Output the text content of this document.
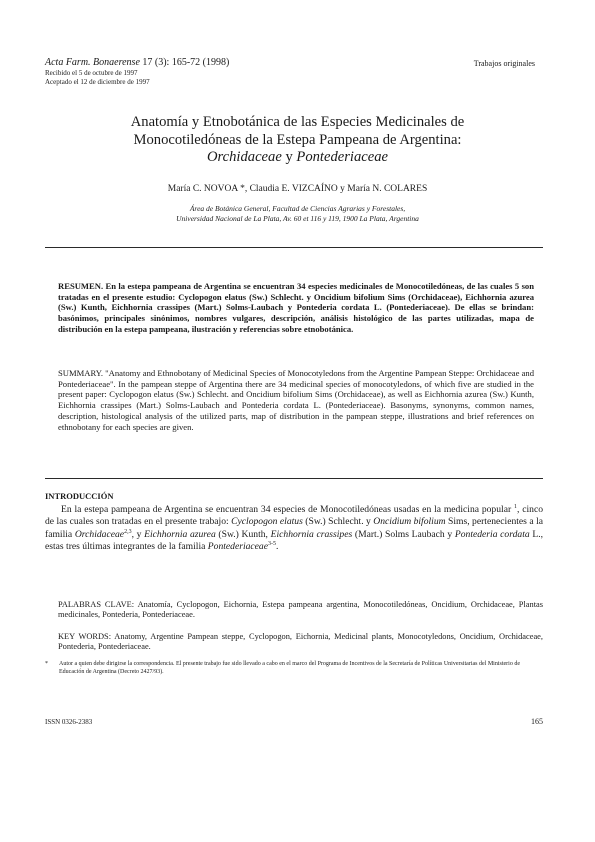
Acta Farm. Bonaerense 17 (3): 165-72 (1998)	Trabajos originales
Recibido el 5 de octubre de 1997
Aceptado el 12 de diciembre de 1997
Anatomía y Etnobotánica de las Especies Medicinales de
Monocotiledóneas de la Estepa Pampeana de Argentina:
Orchidaceae y Pontederiaceae
María C. NOVOA *, Claudia E. VIZCAÍNO y María N. COLARES
Área de Botánica General, Facultad de Ciencias Agrarias y Forestales,
Universidad Nacional de La Plata, Av. 60 et 116 y 119, 1900 La Plata, Argentina
RESUMEN. En la estepa pampeana de Argentina se encuentran 34 especies medicinales de Monocotiledóneas, de las cuales 5 son tratadas en el presente estudio: Cyclopogon elatus (Sw.) Schlecht. y Oncidium bifolium Sims (Orchidaceae), Eichhornia azurea (Sw.) Kunth, Eichhornia crassipes (Mart.) Solms-Laubach y Pontederia cordata L. (Pontederiaceae). De ellas se brindan: basónimos, principales sinónimos, nombres vulgares, descripción, análisis histológico de las partes utilizadas, mapa de distribución en la estepa pampeana, ilustración y referencias sobre etnobotánica.
SUMMARY. "Anatomy and Ethnobotany of Medicinal Species of Monocotyledons from the Argentine Pampean Steppe: Orchidaceae and Pontederiaceae". In the pampean steppe of Argentina there are 34 medicinal species of monocotyledons, of which five are studied in the present paper: Cyclopogon elatus (Sw.) Schlecht. and Oncidium bifolium Sims (Orchidaceae), as well as Eichhornia azurea (Sw.) Kunth, Eichhornia crassipes (Mart.) Solms-Laubach and Pontederia cordata L. (Pontederiaceae). Basonyms, synonyms, common names, description, histological analysis of the utilized parts, map of distribution in the pampean steppe, illustrations and brief references on ethnobotany for each species are given.
INTRODUCCIÓN
En la estepa pampeana de Argentina se encuentran 34 especies de Monocotiledóneas usadas en la medicina popular $^1$, cinco de las cuales son tratadas en el presente trabajo: Cyclopogon elatus (Sw.) Schlecht. y Oncidium bifolium Sims, pertenecientes a la familia Orchidaceae$^{2,3}$, y Eichhornia azurea (Sw.) Kunth, Eichhornia crassipes (Mart.) Solms Laubach y Pontederia cordata L., estas tres últimas integrantes de la familia Pontederiaceae$^{3-5}$.
PALABRAS CLAVE: Anatomía, Cyclopogon, Eichornia, Estepa pampeana argentina, Monocotiledóneas, Oncidium, Orchidaceae, Plantas medicinales, Pontederia, Pontederiaceae.
KEY WORDS: Anatomy, Argentine Pampean steppe, Cyclopogon, Eichornia, Medicinal plants, Monocotyledons, Oncidium, Orchidaceae, Pontederia, Pontederiaceae.
* Autor a quien debe dirigirse la correspondencia. El presente trabajo fue sido llevado a cabo en el marco del Programa de Incentivos de la Secretaría de Políticas Universitarias del Ministerio de Educación de Argentina (Decreto 2427/93).
ISSN 0326-2383	165
